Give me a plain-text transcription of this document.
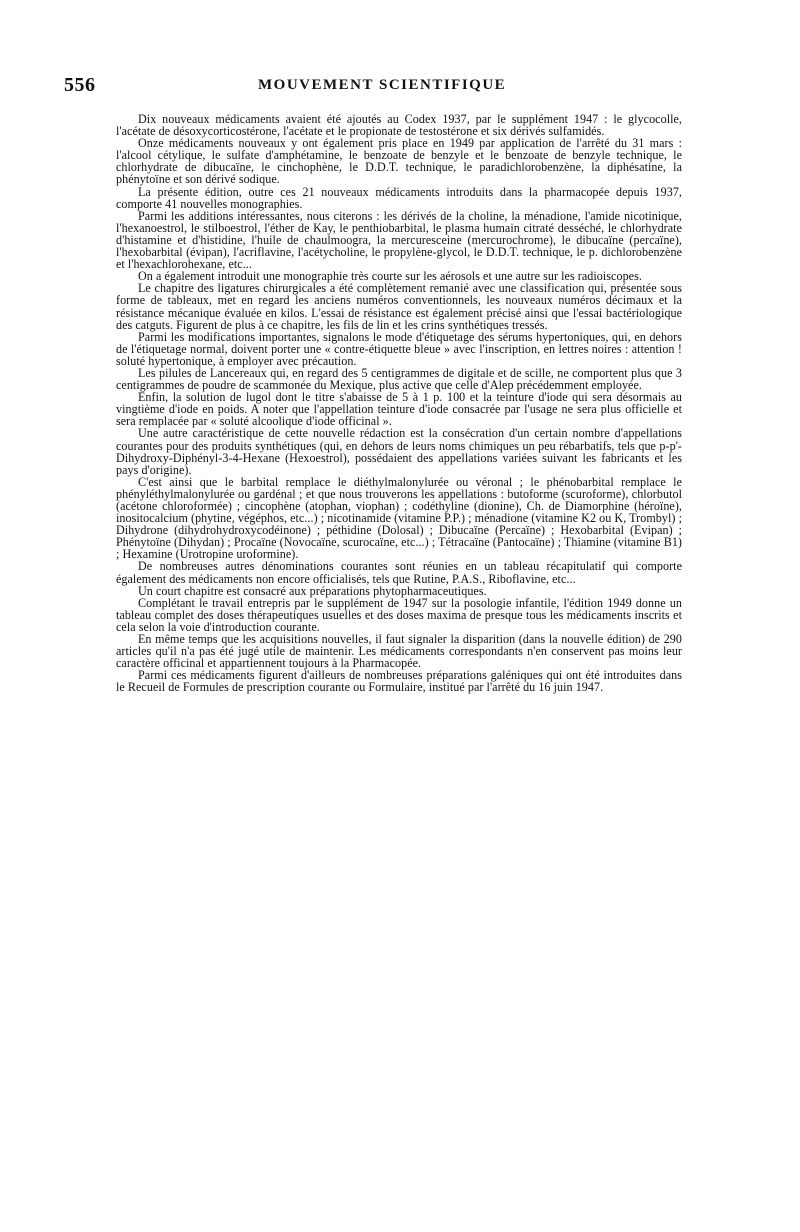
556	MOUVEMENT SCIENTIFIQUE

Dix nouveaux médicaments avaient été ajoutés au Codex 1937, par le supplément 1947 : le glycocolle, l'acétate de désoxycorticostérone, l'acétate et le propionate de testostérone et six dérivés sulfamidés.

Onze médicaments nouveaux y ont également pris place en 1949 par application de l'arrêté du 31 mars : l'alcool cétylique, le sulfate d'amphétamine, le benzoate de benzyle et le benzoate de benzyle technique, le chlorhydrate de dibucaïne, le cinchophène, le D.D.T. technique, le paradichlorobenzène, la diphésatine, la phénytoïne et son dérivé sodique.

La présente édition, outre ces 21 nouveaux médicaments introduits dans la pharmacopée depuis 1937, comporte 41 nouvelles monographies.

Parmi les additions intéressantes, nous citerons : les dérivés de la choline, la ménadione, l'amide nicotinique, l'hexanoestrol, le stilboestrol, l'éther de Kay, le penthiobarbital, le plasma humain citraté desséché, le chlorhydrate d'histamine et d'histidine, l'huile de chaulmoogra, la mercuresceine (mercurochrome), le dibucaïne (percaïne), l'hexobarbital (évipan), l'acriflavine, l'acétycholine, le propylène-glycol, le D.D.T. technique, le p. dichlorobenzène et l'hexachlorohexane, etc...

On a également introduit une monographie très courte sur les aérosols et une autre sur les radioiscopes.

Le chapitre des ligatures chirurgicales a été complètement remanié avec une classification qui, présentée sous forme de tableaux, met en regard les anciens numéros conventionnels, les nouveaux numéros décimaux et la résistance mécanique évaluée en kilos. L'essai de résistance est également précisé ainsi que l'essai bactériologique des catguts. Figurent de plus à ce chapitre, les fils de lin et les crins synthétiques tressés.

Parmi les modifications importantes, signalons le mode d'étiquetage des sérums hypertoniques, qui, en dehors de l'étiquetage normal, doivent porter une « contre-étiquette bleue » avec l'inscription, en lettres noires : attention ! soluté hypertonique, à employer avec précaution.

Les pilules de Lancereaux qui, en regard des 5 centigrammes de digitale et de scille, ne comportent plus que 3 centigrammes de poudre de scammonée du Mexique, plus active que celle d'Alep précédemment employée.

Enfin, la solution de lugol dont le titre s'abaisse de 5 à 1 p. 100 et la teinture d'iode qui sera désormais au vingtième d'iode en poids. A noter que l'appellation teinture d'iode consacrée par l'usage ne sera plus officielle et sera remplacée par « soluté alcoolique d'iode officinal ».

Une autre caractéristique de cette nouvelle rédaction est la consécration d'un certain nombre d'appellations courantes pour des produits synthétiques (qui, en dehors de leurs noms chimiques un peu rébarbatifs, tels que p-p'-Dihydroxy-Diphényl-3-4-Hexane (Hexoestrol), possédaient des appellations variées suivant les fabricants et les pays d'origine).

C'est ainsi que le barbital remplace le diéthylmalonylurée ou véronal ; le phénobarbital remplace le phényléthylmalonylurée ou gardénal ; et que nous trouverons les appellations : butoforme (scuroforme), chlorbutol (acétone chloroformée) ; cincophène (atophan, viophan) ; codéthyline (dionine), Ch. de Diamorphine (héroïne), inositocalcium (phytine, végéphos, etc...) ; nicotinamide (vitamine P.P.) ; ménadione (vitamine K2 ou K, Trombyl) ; Dihydrone (dihydrohydroxycodéinone) ; péthidine (Dolosal) ; Dibucaïne (Percaïne) ; Hexobarbital (Evipan) ; Phénytoïne (Dihydan) ; Procaïne (Novocaïne, scurocaïne, etc...) ; Tétracaïne (Pantocaïne) ; Thiamine (vitamine B1) ; Hexamine (Urotropine uroformine).

De nombreuses autres dénominations courantes sont réunies en un tableau récapitulatif qui comporte également des médicaments non encore officialisés, tels que Rutine, P.A.S., Riboflavine, etc...

Un court chapitre est consacré aux préparations phytopharmaceutiques.

Complétant le travail entrepris par le supplément de 1947 sur la posologie infantile, l'édition 1949 donne un tableau complet des doses thérapeutiques usuelles et des doses maxima de presque tous les médicaments inscrits et cela selon la voie d'introduction courante.

En même temps que les acquisitions nouvelles, il faut signaler la disparition (dans la nouvelle édition) de 290 articles qu'il n'a pas été jugé utile de maintenir. Les médicaments correspondants n'en conservent pas moins leur caractère officinal et appartiennent toujours à la Pharmacopée.

Parmi ces médicaments figurent d'ailleurs de nombreuses préparations galéniques qui ont été introduites dans le Recueil de Formules de prescription courante ou Formulaire, institué par l'arrêté du 16 juin 1947.
